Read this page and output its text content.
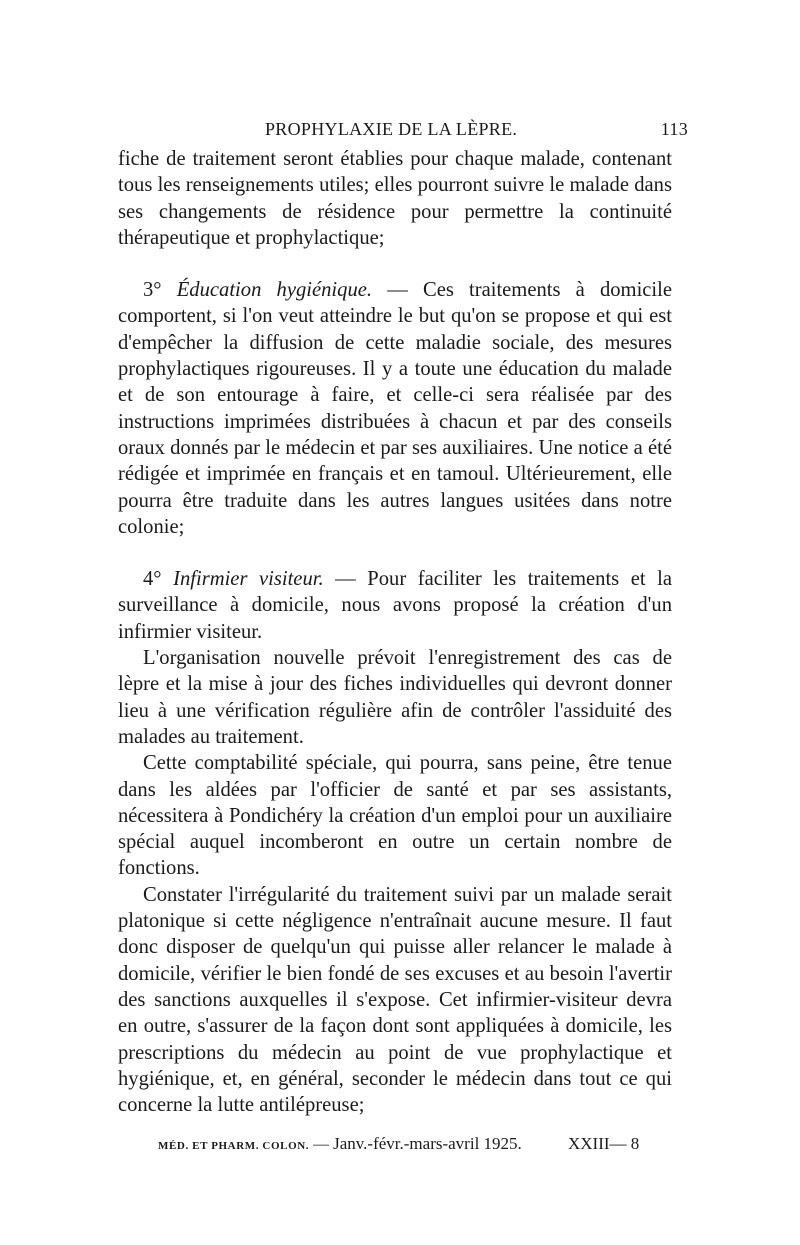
PROPHYLAXIE DE LA LÈPRE.	113

fiche de traitement seront établies pour chaque malade, contenant tous les renseignements utiles; elles pourront suivre le malade dans ses changements de résidence pour permettre la continuité thérapeutique et prophylactique;

3° Éducation hygiénique. — Ces traitements à domicile comportent, si l'on veut atteindre le but qu'on se propose et qui est d'empêcher la diffusion de cette maladie sociale, des mesures prophylactiques rigoureuses. Il y a toute une éducation du malade et de son entourage à faire, et celle-ci sera réalisée par des instructions imprimées distribuées à chacun et par des conseils oraux donnés par le médecin et par ses auxiliaires. Une notice a été rédigée et imprimée en français et en tamoul. Ultérieurement, elle pourra être traduite dans les autres langues usitées dans notre colonie;

4° Infirmier visiteur. — Pour faciliter les traitements et la surveillance à domicile, nous avons proposé la création d'un infirmier visiteur.

L'organisation nouvelle prévoit l'enregistrement des cas de lèpre et la mise à jour des fiches individuelles qui devront donner lieu à une vérification régulière afin de contrôler l'assiduité des malades au traitement.

Cette comptabilité spéciale, qui pourra, sans peine, être tenue dans les aldées par l'officier de santé et par ses assistants, nécessitera à Pondichéry la création d'un emploi pour un auxiliaire spécial auquel incomberont en outre un certain nombre de fonctions.

Constater l'irrégularité du traitement suivi par un malade serait platonique si cette négligence n'entraînait aucune mesure. Il faut donc disposer de quelqu'un qui puisse aller relancer le malade à domicile, vérifier le bien fondé de ses excuses et au besoin l'avertir des sanctions auxquelles il s'expose. Cet infirmier-visiteur devra en outre, s'assurer de la façon dont sont appliquées à domicile, les prescriptions du médecin au point de vue prophylactique et hygiénique, et, en général, seconder le médecin dans tout ce qui concerne la lutte antilépreuse;

MÉD. ET PHARM. COLON. — Janv.-févr.-mars-avril 1925.	XXIII— 8
